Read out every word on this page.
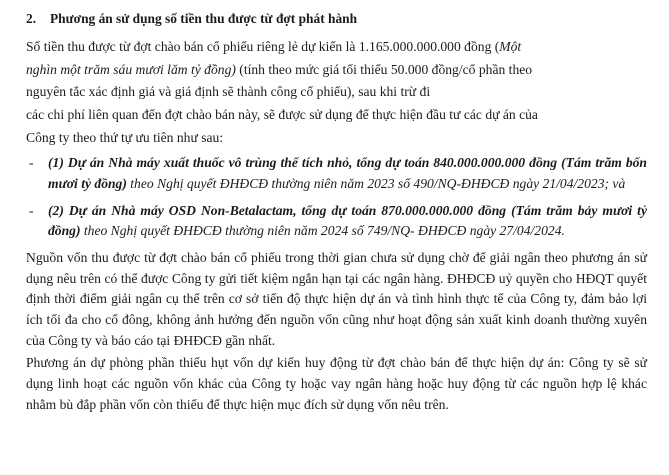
2.	Phương án sử dụng số tiền thu được từ đợt phát hành

Số tiền thu được từ đợt chào bán cổ phiếu riêng lẻ dự kiến là 1.165.000.000.000 đồng (Một

nghìn một trăm sáu mươi lăm tỷ đồng) (tính theo mức giá tối thiểu 50.000 đồng/cổ phần theo

nguyên tắc xác định giá và giá định sẽ thành công cổ phiếu), sau khi trừ đi

các chi phí liên quan đến đợt chào bán này, sẽ được sử dụng để thực hiện đầu tư các dự án của

Công ty theo thứ tự ưu tiên như sau:

-	(1) Dự án Nhà máy xuất thuốc vô trùng thể tích nhỏ, tổng dự toán 840.000.000.000 đồng (Tám trăm bốn mươi tỷ đồng) theo Nghị quyết ĐHĐCĐ thường niên năm 2023 số 490/NQ-ĐHĐCĐ ngày 21/04/2023; và
-	(2) Dự án Nhà máy OSD Non-Betalactam, tổng dự toán 870.000.000.000 đồng (Tám trăm bảy mươi tỷ đồng) theo Nghị quyết ĐHĐCĐ thường niên năm 2024 số 749/NQ- ĐHĐCĐ ngày 27/04/2024.

Nguồn vốn thu được từ đợt chào bán cổ phiếu trong thời gian chưa sử dụng chờ để giải ngân theo phương án sử dụng nêu trên có thể được Công ty gửi tiết kiệm ngắn hạn tại các ngân hàng. ĐHĐCĐ uỷ quyền cho HĐQT quyết định thời điểm giải ngân cụ thể trên cơ sở tiến độ thực hiện dự án và tình hình thực tế của Công ty, đảm bảo lợi ích tối đa cho cổ đông, không ảnh hưởng đến nguồn vốn cũng như hoạt động sản xuất kinh doanh thường xuyên của Công ty và báo cáo tại ĐHĐCĐ gần nhất.

Phương án dự phòng phần thiếu hụt vốn dự kiến huy động từ đợt chào bán để thực hiện dự án: Công ty sẽ sử dụng linh hoạt các nguồn vốn khác của Công ty hoặc vay ngân hàng hoặc huy động từ các nguồn hợp lệ khác nhằm bù đắp phần vốn còn thiếu để thực hiện mục đích sử dụng vốn nêu trên.
